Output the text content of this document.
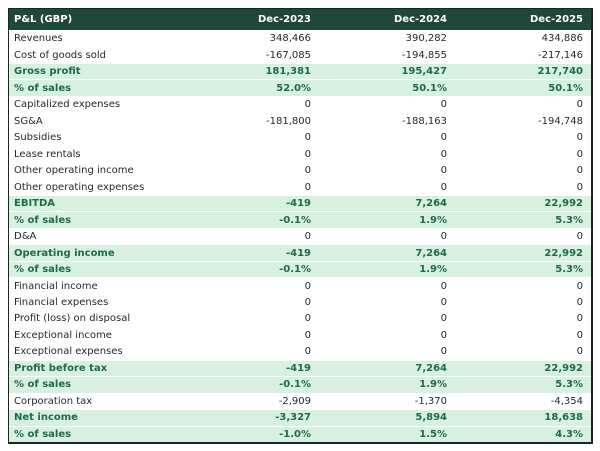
P&L (GBP)	Dec-2023	Dec-2024	Dec-2025
Revenues	348,466	390,282	434,886
Cost of goods sold	-167,085	-194,855	-217,146
Gross profit	181,381	195,427	217,740
% of sales	52.0%	50.1%	50.1%
Capitalized expenses	0	0	0
SG&A	-181,800	-188,163	-194,748
Subsidies	0	0	0
Lease rentals	0	0	0
Other operating income	0	0	0
Other operating expenses	0	0	0
EBITDA	-419	7,264	22,992
% of sales	-0.1%	1.9%	5.3%
D&A	0	0	0
Operating income	-419	7,264	22,992
% of sales	-0.1%	1.9%	5.3%
Financial income	0	0	0
Financial expenses	0	0	0
Profit (loss) on disposal	0	0	0
Exceptional income	0	0	0
Exceptional expenses	0	0	0
Profit before tax	-419	7,264	22,992
% of sales	-0.1%	1.9%	5.3%
Corporation tax	-2,909	-1,370	-4,354
Net income	-3,327	5,894	18,638
% of sales	-1.0%	1.5%	4.3%
